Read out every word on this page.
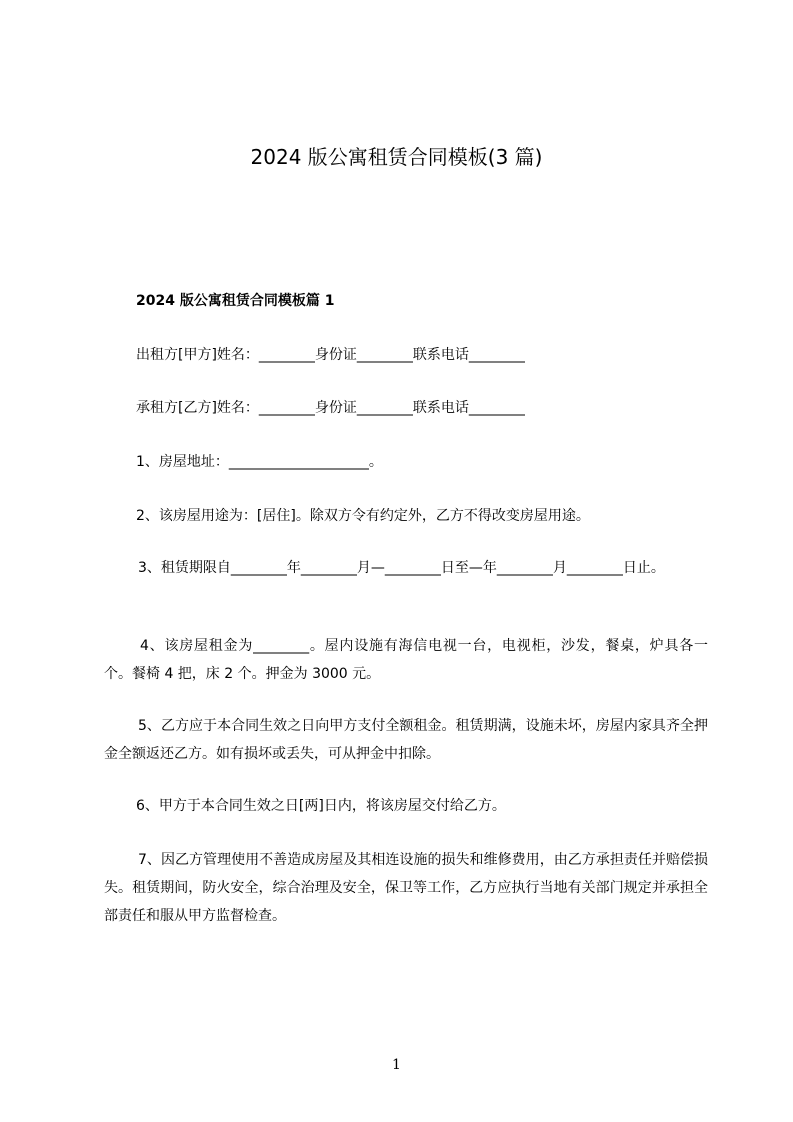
2024 版公寓租赁合同模板(3 篇)
2024 版公寓租赁合同模板篇 1

出租方[甲方]姓名：________身份证________联系电话________

承租方[乙方]姓名：________身份证________联系电话________

1、房屋地址：____________________。

2、该房屋用途为：[居住]。除双方令有约定外，乙方不得改变房屋用途。

3、租赁期限自________年________月—________日至—年________月________日止。

4、该房屋租金为________。屋内设施有海信电视一台，电视柜，沙发，餐桌，炉具各一个。餐椅 4 把，床 2 个。押金为 3000 元。

5、乙方应于本合同生效之日向甲方支付全额租金。租赁期满，设施未坏，房屋内家具齐全押金全额返还乙方。如有损坏或丢失，可从押金中扣除。

6、甲方于本合同生效之日[两]日内，将该房屋交付给乙方。

7、因乙方管理使用不善造成房屋及其相连设施的损失和维修费用，由乙方承担责任并赔偿损失。租赁期间，防火安全，综合治理及安全，保卫等工作，乙方应执行当地有关部门规定并承担全部责任和服从甲方监督检查。

1
